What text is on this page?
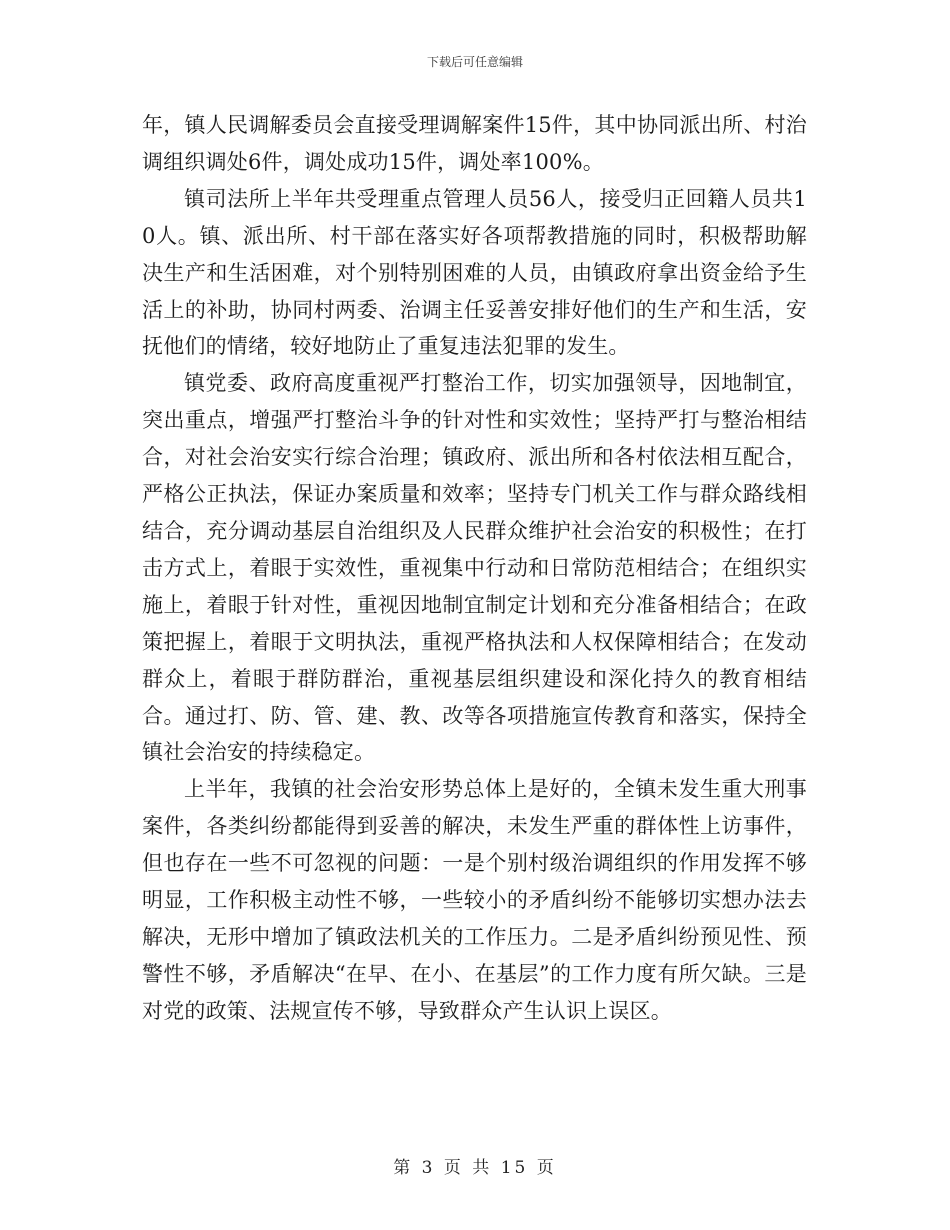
下载后可任意编辑

年，镇人民调解委员会直接受理调解案件15件，其中协同派出所、村治调组织调处6件，调处成功15件，调处率100%。

镇司法所上半年共受理重点管理人员56人，接受归正回籍人员共10人。镇、派出所、村干部在落实好各项帮教措施的同时，积极帮助解决生产和生活困难，对个别特别困难的人员，由镇政府拿出资金给予生活上的补助，协同村两委、治调主任妥善安排好他们的生产和生活，安抚他们的情绪，较好地防止了重复违法犯罪的发生。

镇党委、政府高度重视严打整治工作，切实加强领导，因地制宜，突出重点，增强严打整治斗争的针对性和实效性；坚持严打与整治相结合，对社会治安实行综合治理；镇政府、派出所和各村依法相互配合，严格公正执法，保证办案质量和效率；坚持专门机关工作与群众路线相结合，充分调动基层自治组织及人民群众维护社会治安的积极性；在打击方式上，着眼于实效性，重视集中行动和日常防范相结合；在组织实施上，着眼于针对性，重视因地制宜制定计划和充分准备相结合；在政策把握上，着眼于文明执法，重视严格执法和人权保障相结合；在发动群众上，着眼于群防群治，重视基层组织建设和深化持久的教育相结合。通过打、防、管、建、教、改等各项措施宣传教育和落实，保持全镇社会治安的持续稳定。

上半年，我镇的社会治安形势总体上是好的，全镇未发生重大刑事案件，各类纠纷都能得到妥善的解决，未发生严重的群体性上访事件，但也存在一些不可忽视的问题：一是个别村级治调组织的作用发挥不够明显，工作积极主动性不够，一些较小的矛盾纠纷不能够切实想办法去解决，无形中增加了镇政法机关的工作压力。二是矛盾纠纷预见性、预警性不够，矛盾解决“在早、在小、在基层”的工作力度有所欠缺。三是对党的政策、法规宣传不够，导致群众产生认识上误区。

第 3 页 共 15 页
